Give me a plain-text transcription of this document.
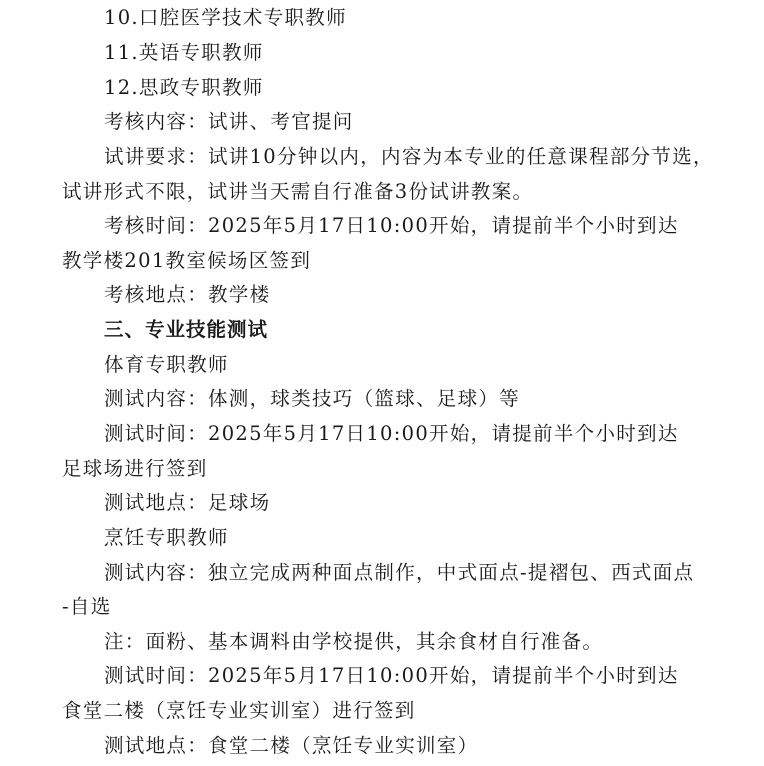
10.口腔医学技术专职教师
11.英语专职教师
12.思政专职教师
考核内容：试讲、考官提问
试讲要求：试讲10分钟以内，内容为本专业的任意课程部分节选，
试讲形式不限，试讲当天需自行准备3份试讲教案。
考核时间：2025年5月17日10:00开始，请提前半个小时到达
教学楼201教室候场区签到
考核地点：教学楼
三、专业技能测试
体育专职教师
测试内容：体测，球类技巧（篮球、足球）等
测试时间：2025年5月17日10:00开始，请提前半个小时到达
足球场进行签到
测试地点：足球场
烹饪专职教师
测试内容：独立完成两种面点制作，中式面点-提褶包、西式面点
-自选
注：面粉、基本调料由学校提供，其余食材自行准备。
测试时间：2025年5月17日10:00开始，请提前半个小时到达
食堂二楼（烹饪专业实训室）进行签到
测试地点：食堂二楼（烹饪专业实训室）
